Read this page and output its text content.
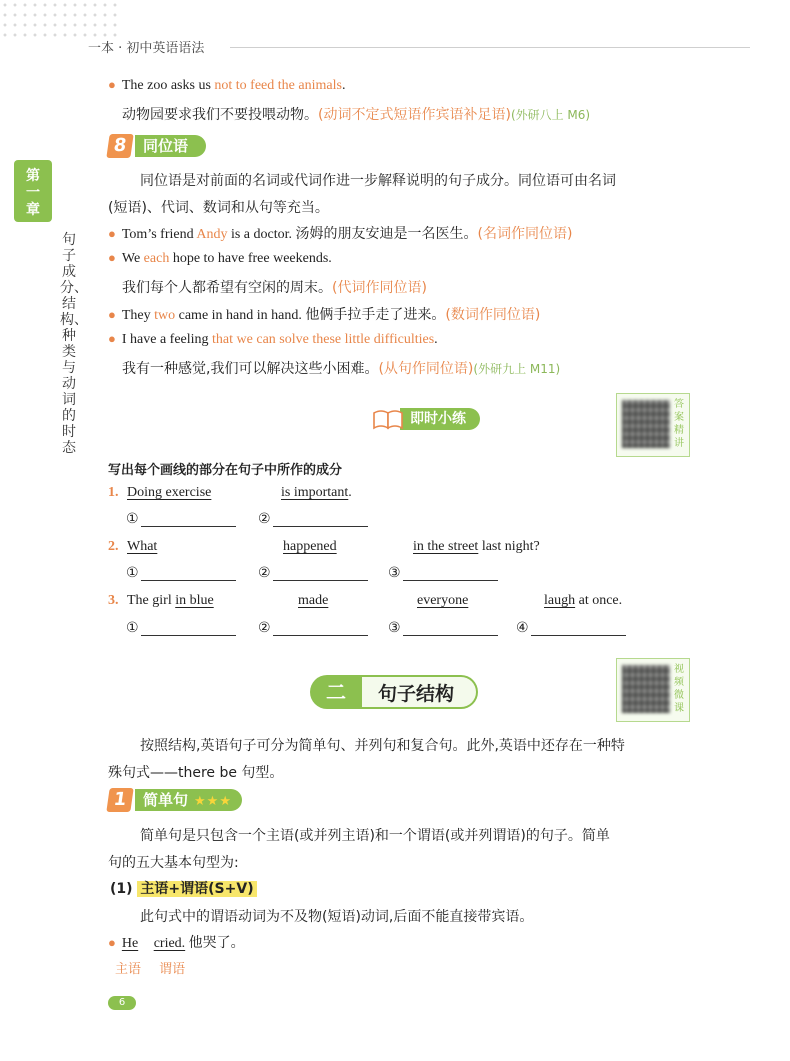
一本 · 初中英语语法
第一章
句子成分、结构、种类与动词的时态
● The zoo asks us not to feed the animals.
动物园要求我们不要投喂动物。(动词不定式短语作宾语补足语)(外研八上 M6)
8	同位语
同位语是对前面的名词或代词作进一步解释说明的句子成分。同位语可由名词
(短语)、代词、数词和从句等充当。
● Tom’s friend Andy is a doctor. 汤姆的朋友安迪是一名医生。(名词作同位语)
● We each hope to have free weekends.
我们每个人都希望有空闲的周末。(代词作同位语)
● They two came in hand in hand. 他俩手拉手走了进来。(数词作同位语)
● I have a feeling that we can solve these little difficulties.
我有一种感觉,我们可以解决这些小困难。(从句作同位语)(外研九上 M11)
即时小练
答案精讲
写出每个画线的部分在句子中所作的成分
1. Doing exercise	is important.
①	②
2. What	happened	in the street last night?
①	②	③
3. The girl in blue	made	everyone	laugh at once.
①	②	③	④
二	句子结构
视频微课
按照结构,英语句子可分为简单句、并列句和复合句。此外,英语中还存在一种特
殊句式——there be 句型。
1	简单句 ★★★
简单句是只包含一个主语(或并列主语)和一个谓语(或并列谓语)的句子。简单
句的五大基本句型为:
(1) 主语+谓语(S+V)
此句式中的谓语动词为不及物(短语)动词,后面不能直接带宾语。
● He cried. 他哭了。
主语 谓语
6
